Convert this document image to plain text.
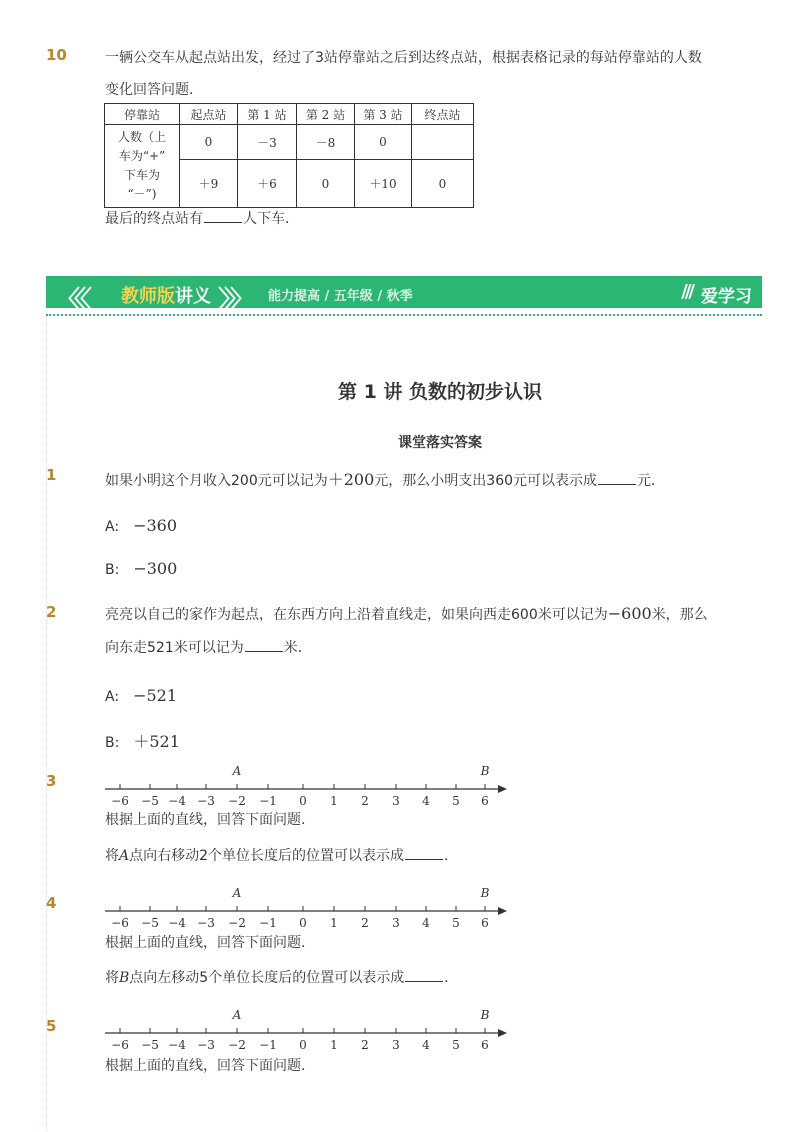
10	一辆公交车从起点站出发，经过了3站停靠站之后到达终点站，根据表格记录的每站停靠站的人数
变化回答问题．
停靠站	起点站	第 1 站	第 2 站	第 3 站	终点站

人数（上
车为“+”
下车为
“－”)	0	－3	－8	0	
	＋9	＋6	0	＋10	0
最后的终点站有	人下车．
〈〈〈 教师版讲义 〉〉〉 能力提高 / 五年级 / 秋季	/// 爱学习
第 1 讲 负数的初步认识
课堂落实答案
1	如果小明这个月收入200元可以记为＋200元，那么小明支出360元可以表示成	元．
A: −360
B: −300
2	亮亮以自己的家作为起点，在东西方向上沿着直线走，如果向西走600米可以记为−600米，那么
向东走521米可以记为	米．
A: −521
B: ＋521
3
−6 −5 −4 −3 −2 −1 0 1 2 3 4 5 6
A	B
根据上面的直线，回答下面问题．
将A点向右移动2个单位长度后的位置可以表示成	．
4
−6 −5 −4 −3 −2 −1 0 1 2 3 4 5 6
A	B
根据上面的直线，回答下面问题．
将B点向左移动5个单位长度后的位置可以表示成	．
5
−6 −5 −4 −3 −2 −1 0 1 2 3 4 5 6
A	B
根据上面的直线，回答下面问题．
